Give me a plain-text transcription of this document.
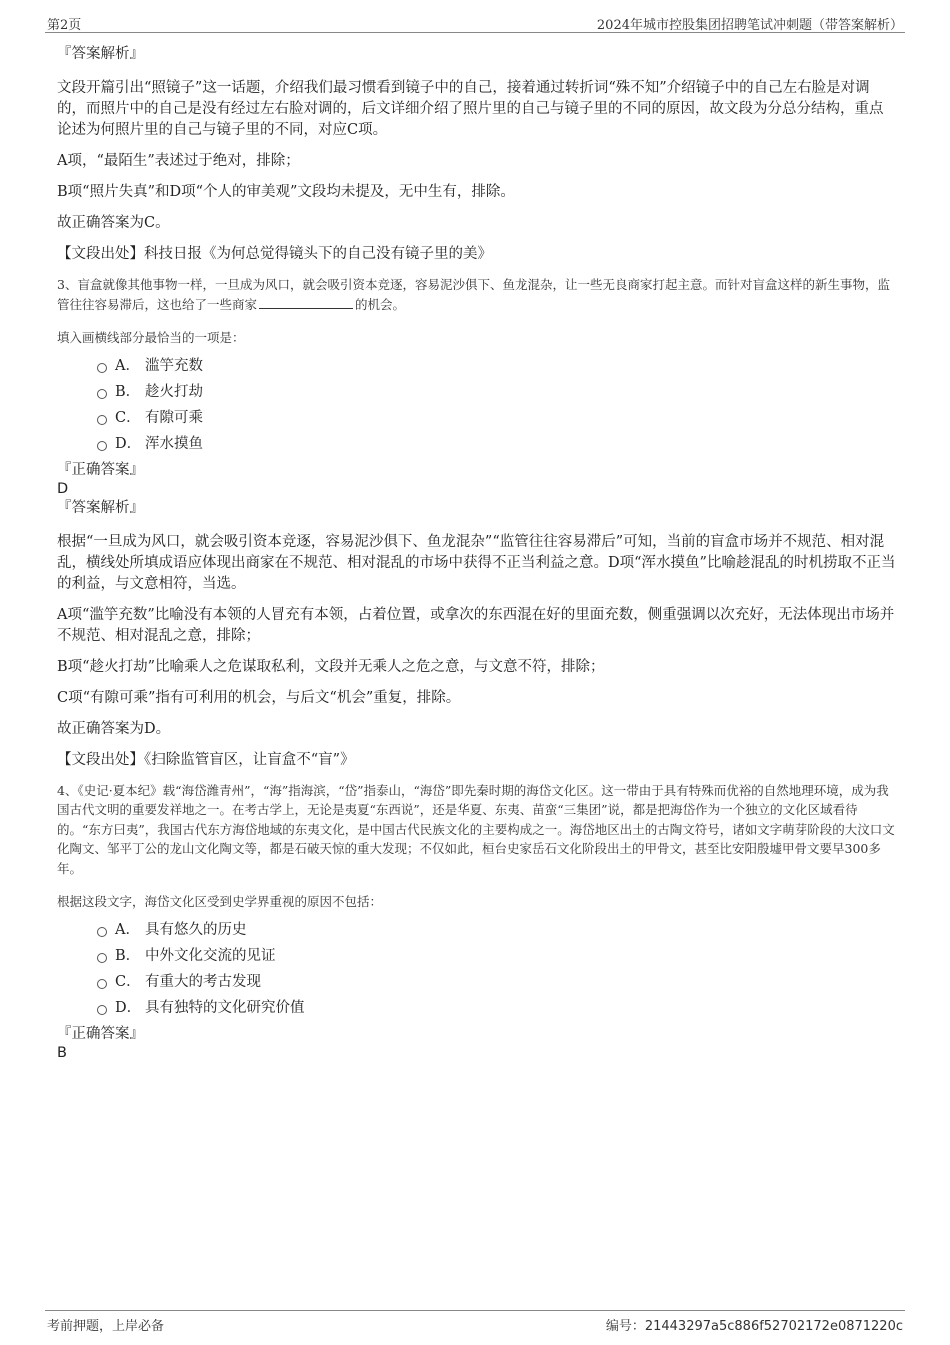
第2页	2024年城市控股集团招聘笔试冲刺题（带答案解析）
『答案解析』

文段开篇引出“照镜子”这一话题，介绍我们最习惯看到镜子中的自己，接着通过转折词“殊不知”介绍镜子中的自己左右脸是对调的，而照片中的自己是没有经过左右脸对调的，后文详细介绍了照片里的自己与镜子里的不同的原因，故文段为分总分结构，重点论述为何照片里的自己与镜子里的不同，对应C项。

A项，“最陌生”表述过于绝对，排除；

B项“照片失真”和D项“个人的审美观”文段均未提及，无中生有，排除。

故正确答案为C。

【文段出处】科技日报《为何总觉得镜头下的自己没有镜子里的美》

3、盲盒就像其他事物一样，一旦成为风口，就会吸引资本竞逐，容易泥沙俱下、鱼龙混杂，让一些无良商家打起主意。而针对盲盒这样的新生事物，监管往往容易滞后，这也给了一些商家	的机会。

填入画横线部分最恰当的一项是：

A． 滥竽充数
B． 趁火打劫
C． 有隙可乘
D． 浑水摸鱼
『正确答案』
D
『答案解析』

根据“一旦成为风口，就会吸引资本竞逐，容易泥沙俱下、鱼龙混杂”“监管往往容易滞后”可知，当前的盲盒市场并不规范、相对混乱，横线处所填成语应体现出商家在不规范、相对混乱的市场中获得不正当利益之意。D项“浑水摸鱼”比喻趁混乱的时机捞取不正当的利益，与文意相符，当选。

A项“滥竽充数”比喻没有本领的人冒充有本领，占着位置，或拿次的东西混在好的里面充数，侧重强调以次充好，无法体现出市场并不规范、相对混乱之意，排除；

B项“趁火打劫”比喻乘人之危谋取私利，文段并无乘人之危之意，与文意不符，排除；

C项“有隙可乘”指有可利用的机会，与后文“机会”重复，排除。

故正确答案为D。

【文段出处】《扫除监管盲区，让盲盒不“盲”》

4、《史记·夏本纪》载“海岱潍青州”，“海”指海滨，“岱”指泰山，“海岱”即先秦时期的海岱文化区。这一带由于具有特殊而优裕的自然地理环境，成为我国古代文明的重要发祥地之一。在考古学上，无论是夷夏“东西说”，还是华夏、东夷、苗蛮“三集团”说，都是把海岱作为一个独立的文化区域看待的。“东方曰夷”，我国古代东方海岱地域的东夷文化，是中国古代民族文化的主要构成之一。海岱地区出土的古陶文符号，诸如文字萌芽阶段的大汶口文化陶文、邹平丁公的龙山文化陶文等，都是石破天惊的重大发现；不仅如此，桓台史家岳石文化阶段出土的甲骨文，甚至比安阳殷墟甲骨文要早300多年。

根据这段文字，海岱文化区受到史学界重视的原因不包括：

A． 具有悠久的历史
B． 中外文化交流的见证
C． 有重大的考古发现
D． 具有独特的文化研究价值
『正确答案』
B
考前押题，上岸必备	编号：21443297a5c886f52702172e0871220c
